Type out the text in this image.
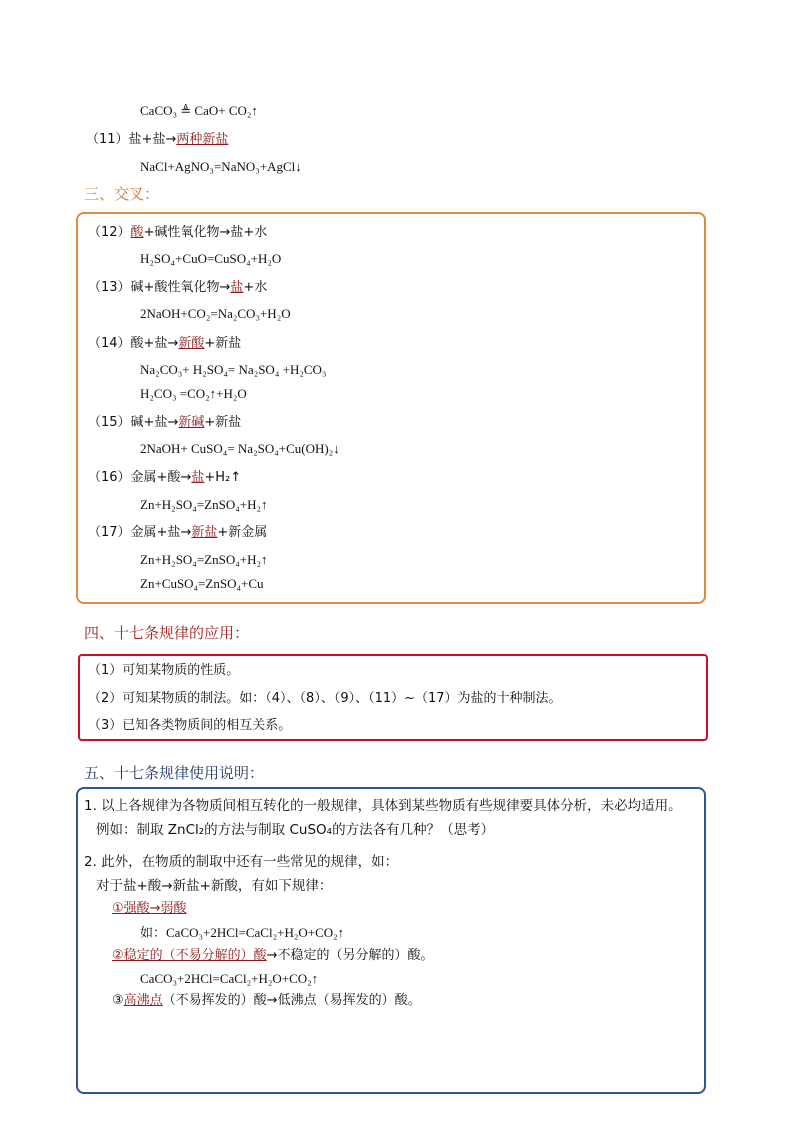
CaCO₃ ≜ CaO+ CO₂↑
（11）盐+盐→两种新盐
NaCl+AgNO₃=NaNO₃+AgCl↓
三、交叉：
（12）酸+碱性氧化物→盐+水
H₂SO₄+CuO=CuSO₄+H₂O
（13）碱+酸性氧化物→盐+水
2NaOH+CO₂=Na₂CO₃+H₂O
（14）酸+盐→新酸+新盐
Na₂CO₃+ H₂SO₄= Na₂SO₄ +H₂CO₃
H₂CO₃ =CO₂↑+H₂O
（15）碱+盐→新碱+新盐
2NaOH+ CuSO₄= Na₂SO₄+Cu(OH)₂↓
（16）金属+酸→盐+H₂↑
Zn+H₂SO₄=ZnSO₄+H₂↑
（17）金属+盐→新盐+新金属
Zn+H₂SO₄=ZnSO₄+H₂↑
Zn+CuSO₄=ZnSO₄+Cu
四、十七条规律的应用：
（1）可知某物质的性质。
（2）可知某物质的制法。如：（4）、（8）、（9）、（11）~（17）为盐的十种制法。
（3）已知各类物质间的相互关系。
五、十七条规律使用说明：
1. 以上各规律为各物质间相互转化的一般规律，具体到某些物质有些规律要具体分析，未必均适用。
例如：制取 ZnCl₂的方法与制取 CuSO₄的方法各有几种？（思考）
2. 此外，在物质的制取中还有一些常见的规律，如：
对于盐+酸→新盐+新酸，有如下规律：
①强酸→弱酸
如：CaCO₃+2HCl=CaCl₂+H₂O+CO₂↑
②稳定的（不易分解的）酸→不稳定的（另分解的）酸。
CaCO₃+2HCl=CaCl₂+H₂O+CO₂↑
③高沸点（不易挥发的）酸→低沸点（易挥发的）酸。
